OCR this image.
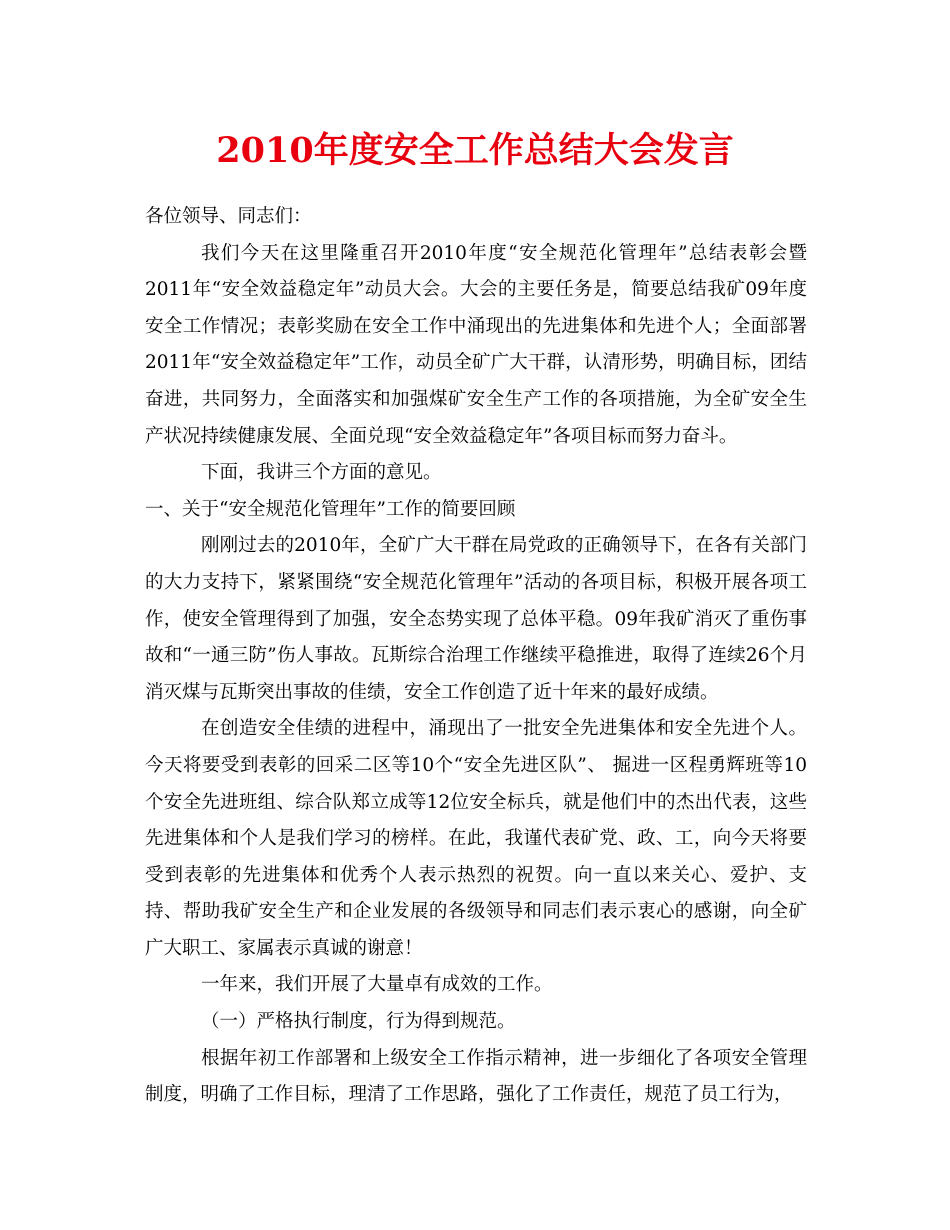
2010年度安全工作总结大会发言

各位领导、同志们：

我们今天在这里隆重召开2010年度“安全规范化管理年”总结表彰会暨2011年“安全效益稳定年”动员大会。大会的主要任务是，简要总结我矿09年度安全工作情况；表彰奖励在安全工作中涌现出的先进集体和先进个人；全面部署2011年“安全效益稳定年”工作，动员全矿广大干群，认清形势，明确目标，团结奋进，共同努力，全面落实和加强煤矿安全生产工作的各项措施，为全矿安全生产状况持续健康发展、全面兑现“安全效益稳定年”各项目标而努力奋斗。

下面，我讲三个方面的意见。

一、关于“安全规范化管理年”工作的简要回顾

刚刚过去的2010年，全矿广大干群在局党政的正确领导下，在各有关部门的大力支持下，紧紧围绕“安全规范化管理年”活动的各项目标，积极开展各项工作，使安全管理得到了加强，安全态势实现了总体平稳。09年我矿消灭了重伤事故和“一通三防”伤人事故。瓦斯综合治理工作继续平稳推进，取得了连续26个月消灭煤与瓦斯突出事故的佳绩，安全工作创造了近十年来的最好成绩。

在创造安全佳绩的进程中，涌现出了一批安全先进集体和安全先进个人。今天将要受到表彰的回采二区等10个“安全先进区队”、 掘进一区程勇辉班等10个安全先进班组、综合队郑立成等12位安全标兵，就是他们中的杰出代表，这些先进集体和个人是我们学习的榜样。在此，我谨代表矿党、政、工，向今天将要受到表彰的先进集体和优秀个人表示热烈的祝贺。向一直以来关心、爱护、支持、帮助我矿安全生产和企业发展的各级领导和同志们表示衷心的感谢，向全矿广大职工、家属表示真诚的谢意！

一年来，我们开展了大量卓有成效的工作。

（一）严格执行制度，行为得到规范。

根据年初工作部署和上级安全工作指示精神，进一步细化了各项安全管理制度，明确了工作目标，理清了工作思路，强化了工作责任，规范了员工行为，
